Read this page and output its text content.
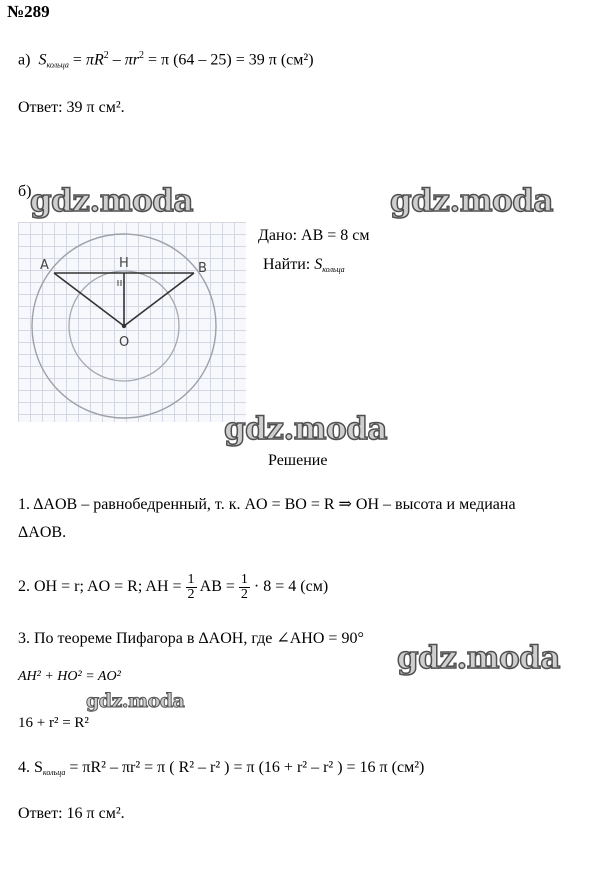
№289
а) $S_{кольца} = \pi R^2 - \pi r^2 = \pi$ (64 – 25) = 39 π (см²)
Ответ: 39 π см².
б)
A	H	B
O
Дано: AB = 8 см
Найти: $S_{кольца}$
Решение
1. ΔAOB – равнобедренный, т. к. AO = BO = R ⇒ OH – высота и медиана
ΔAOB.
2. OH = r; AO = R; AH = $\frac{1}{2}$ AB = $\frac{1}{2} \cdot 8 = 4$ (см)
3. По теореме Пифагора в ΔAOH, где ∠AHO = 90°
AH² + HO² = AO²
16 + r² = R²
4. $S_{кольца} = \pi R^2 - \pi r^2 = \pi$ ( R² – r² ) = π (16 + r² – r² ) = 16 π (см²)
Ответ: 16 π см².
gdz.moda	gdz.moda
gdz.moda
gdz.moda
gdz.moda
